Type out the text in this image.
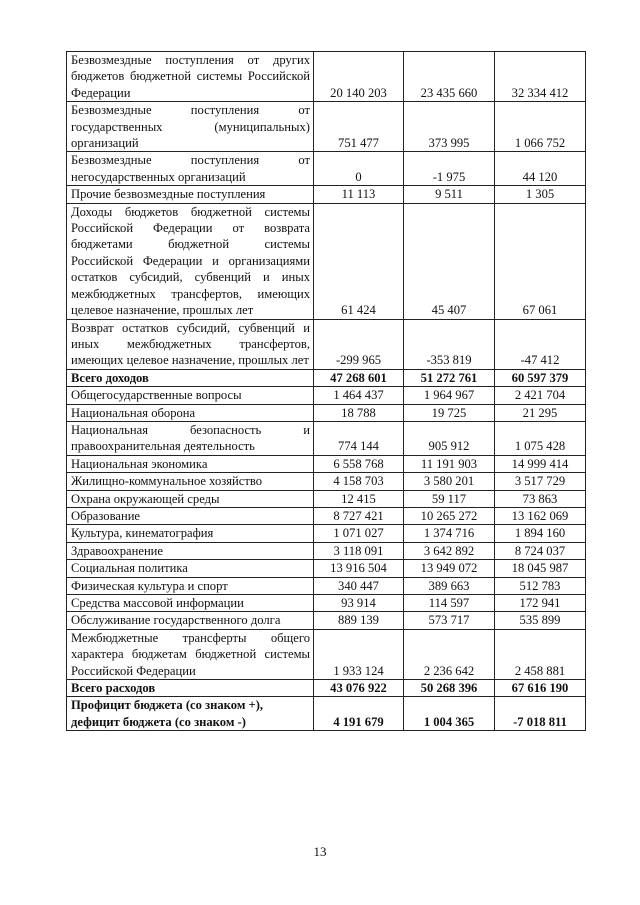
Безвозмездные поступления от других бюджетов бюджетной системы Российской Федерации	20 140 203	23 435 660	32 334 412
Безвозмездные поступления от государственных (муниципальных) организаций	751 477	373 995	1 066 752
Безвозмездные поступления от негосударственных организаций	0	-1 975	44 120
Прочие безвозмездные поступления	11 113	9 511	1 305
Доходы бюджетов бюджетной системы Российской Федерации от возврата бюджетами бюджетной системы Российской Федерации и организациями остатков субсидий, субвенций и иных межбюджетных трансфертов, имеющих целевое назначение, прошлых лет	61 424	45 407	67 061
Возврат остатков субсидий, субвенций и иных межбюджетных трансфертов, имеющих целевое назначение, прошлых лет	-299 965	-353 819	-47 412
Всего доходов	47 268 601	51 272 761	60 597 379
Общегосударственные вопросы	1 464 437	1 964 967	2 421 704
Национальная оборона	18 788	19 725	21 295
Национальная безопасность и правоохранительная деятельность	774 144	905 912	1 075 428
Национальная экономика	6 558 768	11 191 903	14 999 414
Жилищно-коммунальное хозяйство	4 158 703	3 580 201	3 517 729
Охрана окружающей среды	12 415	59 117	73 863
Образование	8 727 421	10 265 272	13 162 069
Культура, кинематография	1 071 027	1 374 716	1 894 160
Здравоохранение	3 118 091	3 642 892	8 724 037
Социальная политика	13 916 504	13 949 072	18 045 987
Физическая культура и спорт	340 447	389 663	512 783
Средства массовой информации	93 914	114 597	172 941
Обслуживание государственного долга	889 139	573 717	535 899
Межбюджетные трансферты общего характера бюджетам бюджетной системы Российской Федерации	1 933 124	2 236 642	2 458 881
Всего расходов	43 076 922	50 268 396	67 616 190
Профицит бюджета (со знаком +), дефицит бюджета (со знаком -)	4 191 679	1 004 365	-7 018 811
13
